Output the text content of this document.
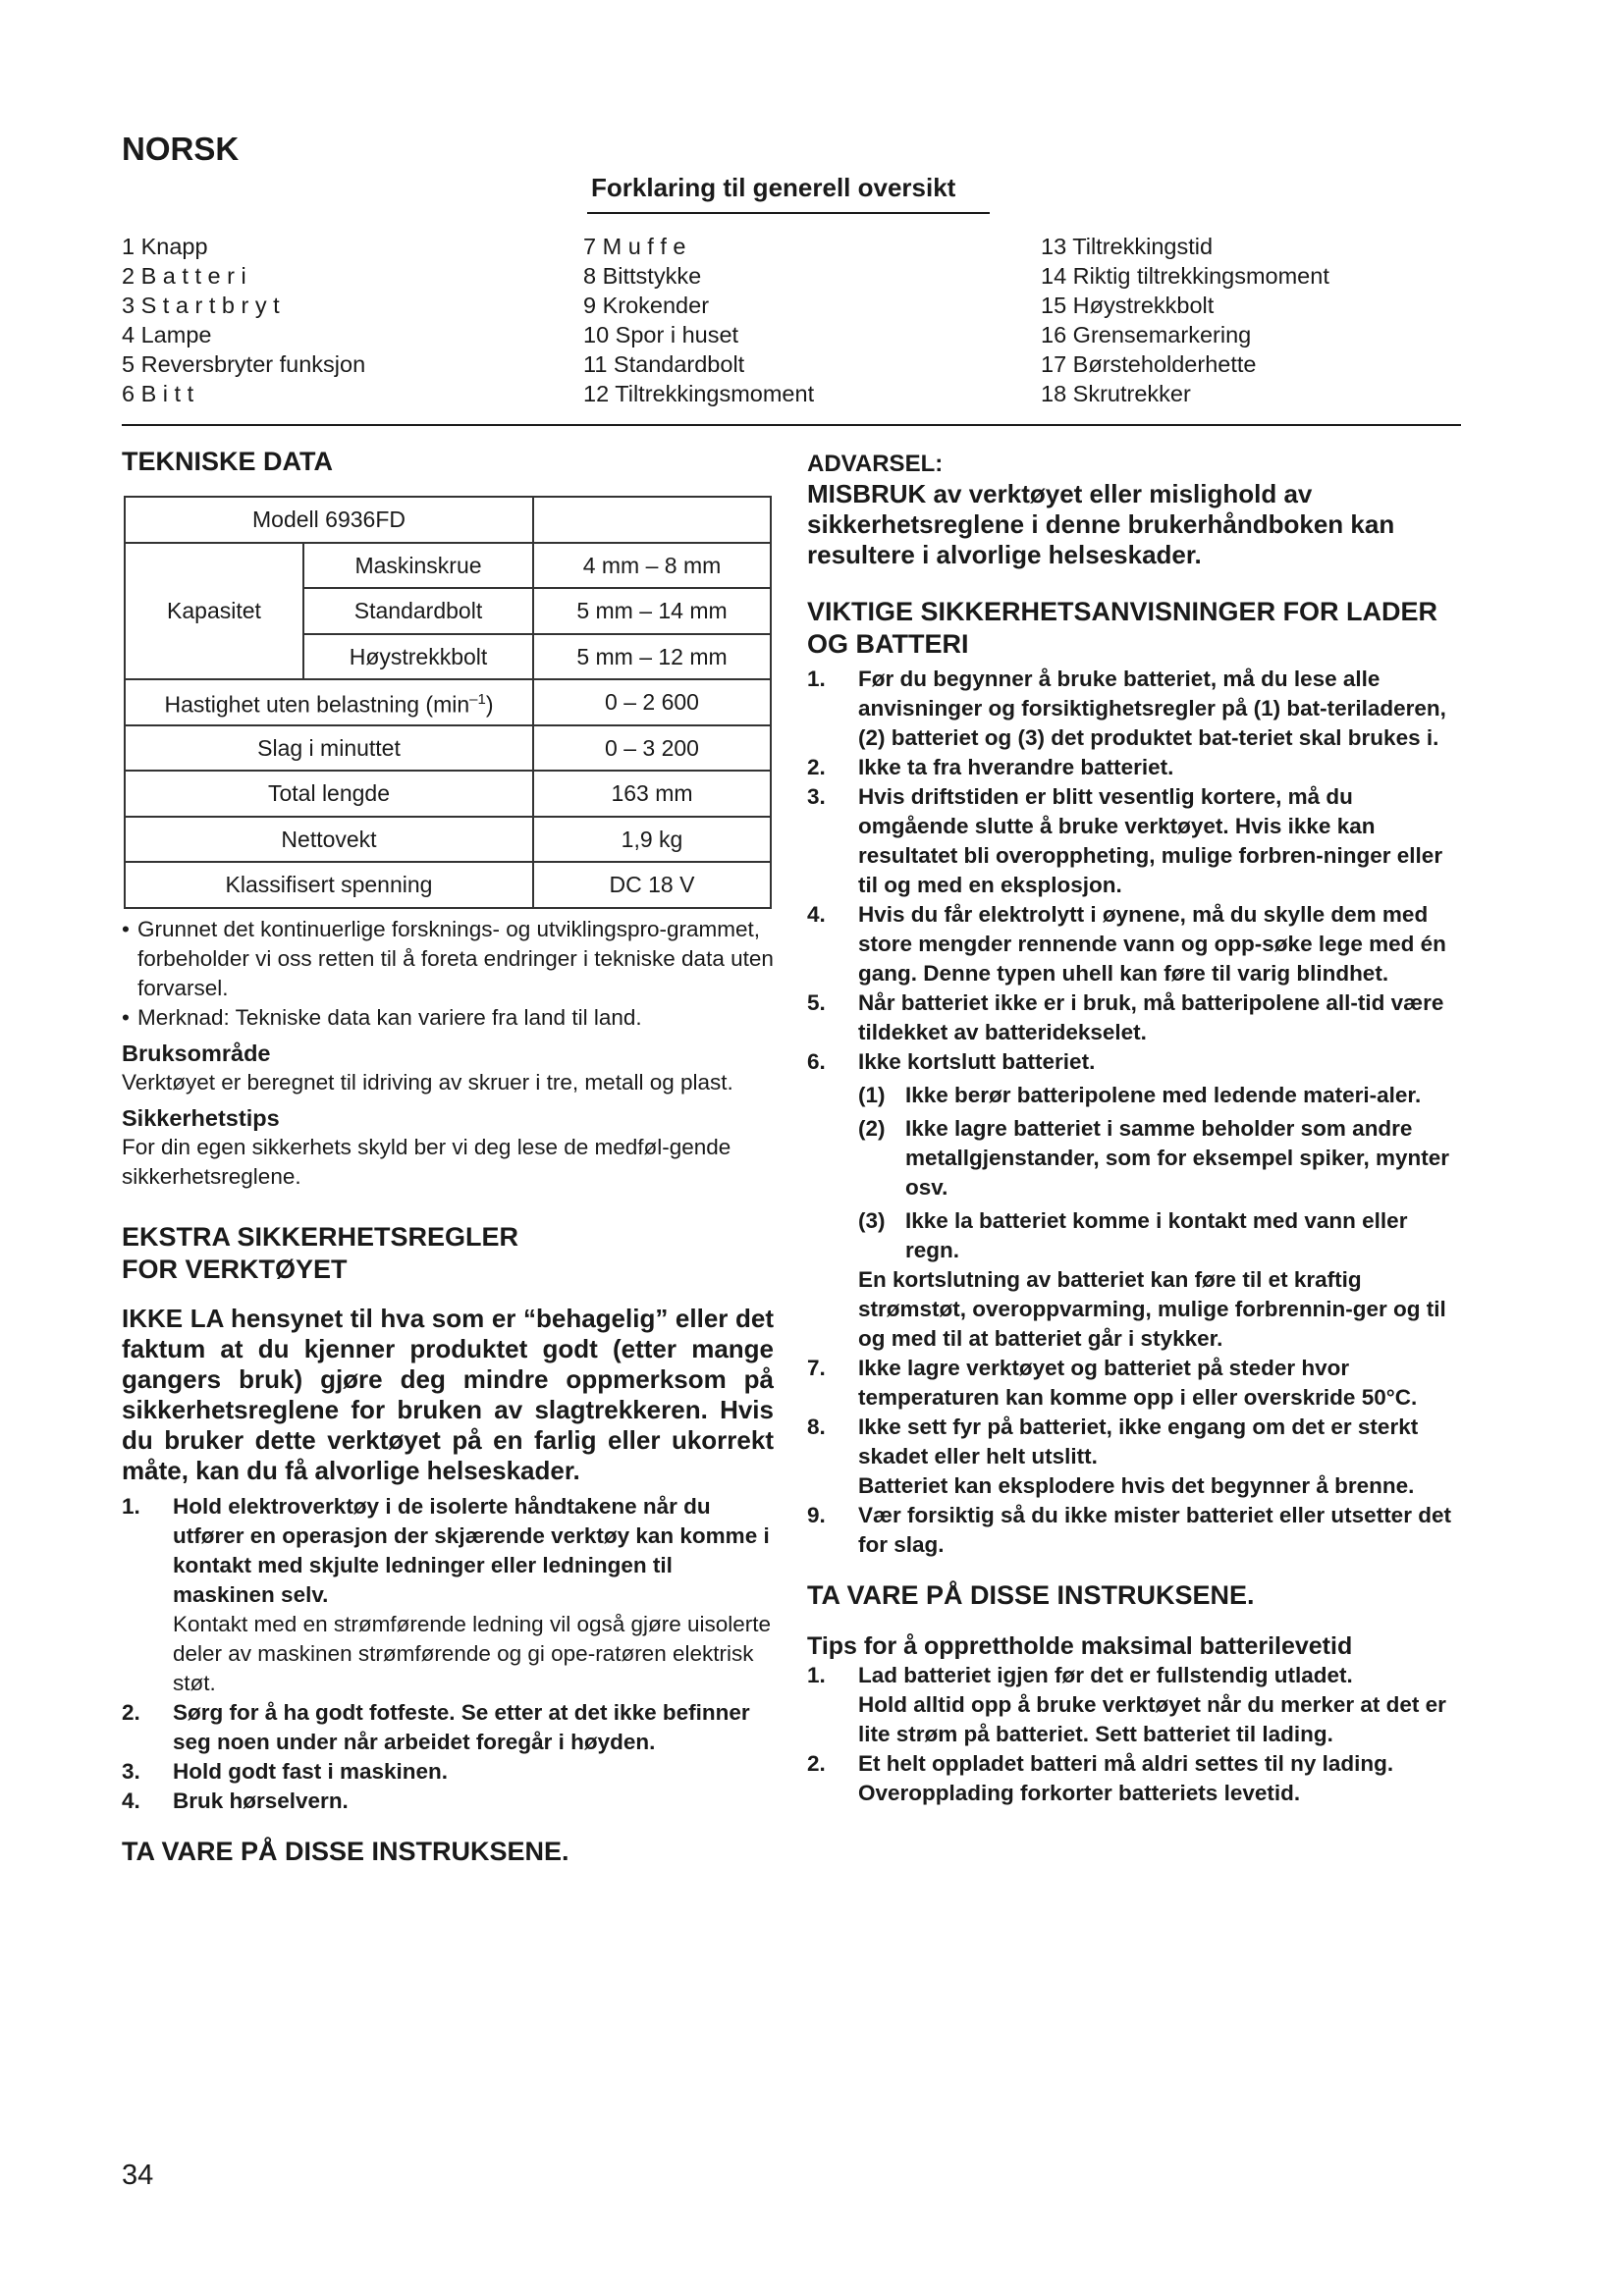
NORSK
Forklaring til generell oversikt
1 Knapp
2 B a t t e r i
3 S t a r t b r y t
4 Lampe
5 Reversbryter funksjon
6 B i t t
7 M u f f e
8 Bittstykke
9 Krokender
10 Spor i huset
11 Standardbolt
12 Tiltrekkingsmoment
13 Tiltrekkingstid
14 Riktig tiltrekkingsmoment
15 Høystrekkbolt
16 Grensemarkering
17 Børsteholderhette
18 Skrutrekker
TEKNISKE DATA
Modell 6936FD		
Kapasitet	Maskinskrue	4 mm – 8 mm
	Standardbolt	5 mm – 14 mm
	Høystrekkbolt	5 mm – 12 mm
Hastighet uten belastning $(\min^{-1})$		0 – 2 600
Slag i minuttet		0 – 3 200
Total lengde		163 mm
Nettovekt		1,9 kg
Klassifisert spenning		DC 18 V

• Grunnet det kontinuerlige forsknings- og utviklingspro-grammet, forbeholder vi oss retten til å foreta endringer i tekniske data uten forvarsel.

• Merknad: Tekniske data kan variere fra land til land.

Bruksområde

Verktøyet er beregnet til idriving av skruer i tre, metall og plast.

Sikkerhetstips

For din egen sikkerhets skyld ber vi deg lese de medføl-gende sikkerhetsreglene.

EKSTRA SIKKERHETSREGLER
FOR VERKTØYET

IKKE LA hensynet til hva som er “behagelig” eller det faktum at du kjenner produktet godt (etter mange gangers bruk) gjøre deg mindre oppmerksom på sikkerhetsreglene for bruken av slagtrekkeren. Hvis du bruker dette verktøyet på en farlig eller ukorrekt måte, kan du få alvorlige helseskader.

1. Hold elektroverktøy i de isolerte håndtakene når du utfører en operasjon der skjærende verktøy kan komme i kontakt med skjulte ledninger eller ledningen til maskinen selv.
Kontakt med en strømførende ledning vil også gjøre uisolerte deler av maskinen strømførende og gi ope-ratøren elektrisk støt.
2. Sørg for å ha godt fotfeste. Se etter at det ikke befinner seg noen under når arbeidet foregår i høyden.
3. Hold godt fast i maskinen.
4. Bruk hørselvern.
TA VARE PÅ DISSE INSTRUKSENE.

ADVARSEL:

MISBRUK av verktøyet eller mislighold av sikkerhetsreglene i denne brukerhåndboken kan resultere i alvorlige helseskader.

VIKTIGE SIKKERHETSANVISNINGER FOR LADER OG BATTERI
1. Før du begynner å bruke batteriet, må du lese alle anvisninger og forsiktighetsregler på (1) bat-teriladeren, (2) batteriet og (3) det produktet bat-teriet skal brukes i.
2. Ikke ta fra hverandre batteriet.
3. Hvis driftstiden er blitt vesentlig kortere, må du omgående slutte å bruke verktøyet. Hvis ikke kan resultatet bli overoppheting, mulige forbren-ninger eller til og med en eksplosjon.
4. Hvis du får elektrolytt i øynene, må du skylle dem med store mengder rennende vann og opp-søke lege med én gang. Denne typen uhell kan føre til varig blindhet.
5. Når batteriet ikke er i bruk, må batteripolene all-tid være tildekket av batteridekselet.
6. Ikke kortslutt batteriet.
(1) Ikke berør batteripolene med ledende materi-aler.
(2) Ikke lagre batteriet i samme beholder som andre metallgjenstander, som for eksempel spiker, mynter osv.
(3) Ikke la batteriet komme i kontakt med vann eller regn.
En kortslutning av batteriet kan føre til et kraftig strømstøt, overoppvarming, mulige forbrennin-ger og til og med til at batteriet går i stykker.
7. Ikke lagre verktøyet og batteriet på steder hvor temperaturen kan komme opp i eller overskride 50°C.
8. Ikke sett fyr på batteriet, ikke engang om det er sterkt skadet eller helt utslitt.
Batteriet kan eksplodere hvis det begynner å brenne.
9. Vær forsiktig så du ikke mister batteriet eller utsetter det for slag.
TA VARE PÅ DISSE INSTRUKSENE.
Tips for å opprettholde maksimal batterilevetid
1. Lad batteriet igjen før det er fullstendig utladet.
Hold alltid opp å bruke verktøyet når du merker at det er lite strøm på batteriet. Sett batteriet til lading.
2. Et helt oppladet batteri må aldri settes til ny lading.
Overopplading forkorter batteriets levetid.
34
